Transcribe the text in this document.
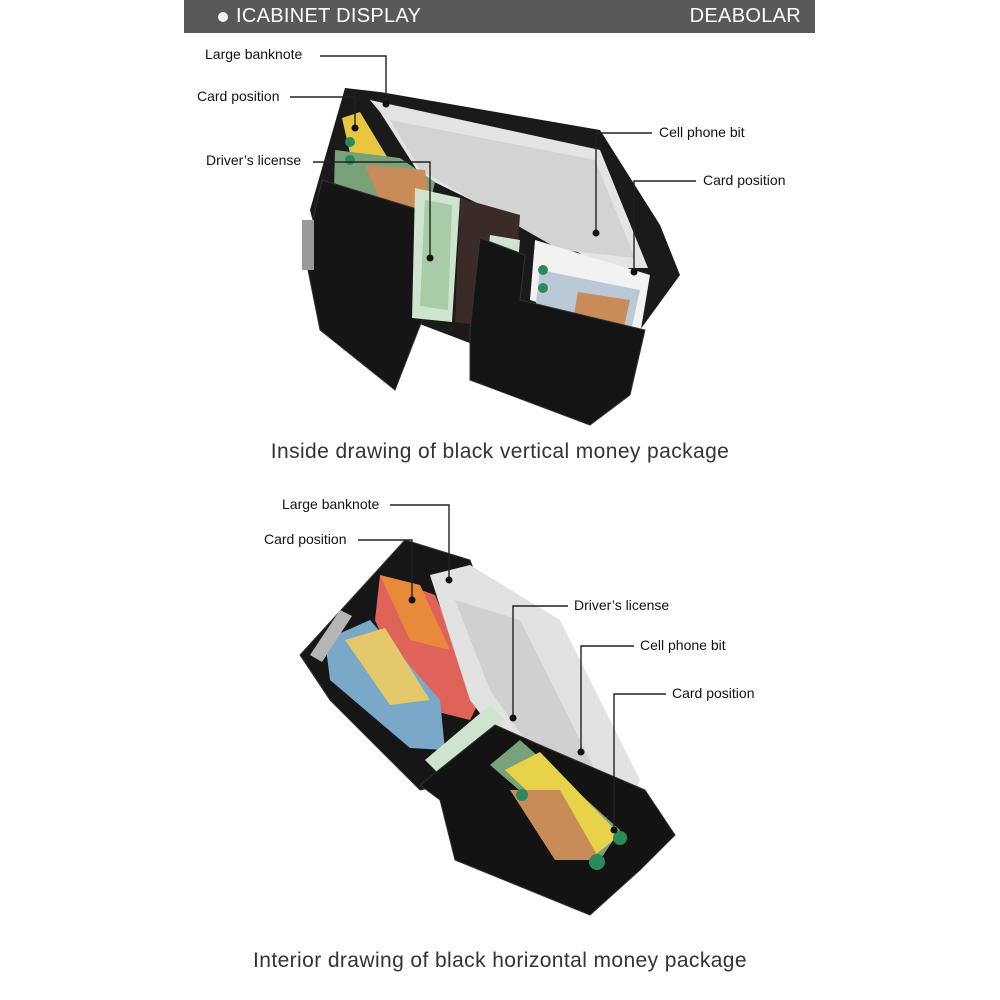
ICABINET DISPLAY	DEABOLAR
Large banknote
Card position
Driver’s license
Cell phone bit
Card position
Inside drawing of black vertical money package
Large banknote
Card position
Driver’s license
Cell phone bit
Card position
Interior drawing of black horizontal money package
